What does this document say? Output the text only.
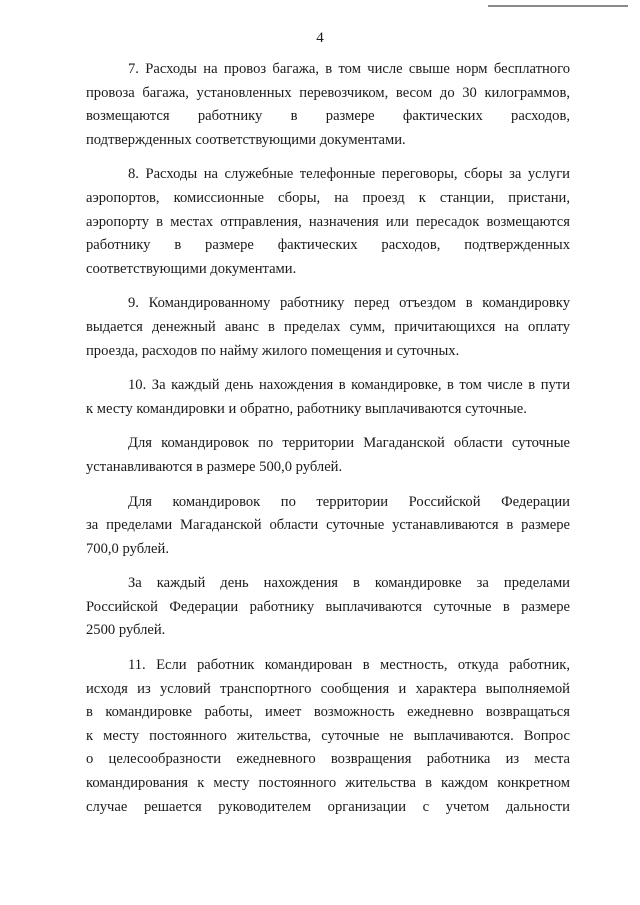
4
7. Расходы на провоз багажа, в том числе свыше норм бесплатного
провоза багажа, установленных перевозчиком, весом до 30 килограммов,
возмещаются работнику в размере фактических расходов,
подтвержденных соответствующими документами.
8. Расходы на служебные телефонные переговоры, сборы за услуги
аэропортов, комиссионные сборы, на проезд к станции, пристани,
аэропорту в местах отправления, назначения или пересадок возмещаются
работнику в размере фактических расходов, подтвержденных
соответствующими документами.
9. Командированному работнику перед отъездом в командировку
выдается денежный аванс в пределах сумм, причитающихся на оплату
проезда, расходов по найму жилого помещения и суточных.
10. За каждый день нахождения в командировке, в том числе в пути
к месту командировки и обратно, работнику выплачиваются суточные.
Для командировок по территории Магаданской области суточные
устанавливаются в размере 500,0 рублей.
Для командировок по территории Российской Федерации
за пределами Магаданской области суточные устанавливаются в размере
700,0 рублей.
За каждый день нахождения в командировке за пределами
Российской Федерации работнику выплачиваются суточные в размере
2500 рублей.
11. Если работник командирован в местность, откуда работник,
исходя из условий транспортного сообщения и характера выполняемой
в командировке работы, имеет возможность ежедневно возвращаться
к месту постоянного жительства, суточные не выплачиваются. Вопрос
о целесообразности ежедневного возвращения работника из места
командирования к месту постоянного жительства в каждом конкретном
случае решается руководителем организации с учетом дальности
